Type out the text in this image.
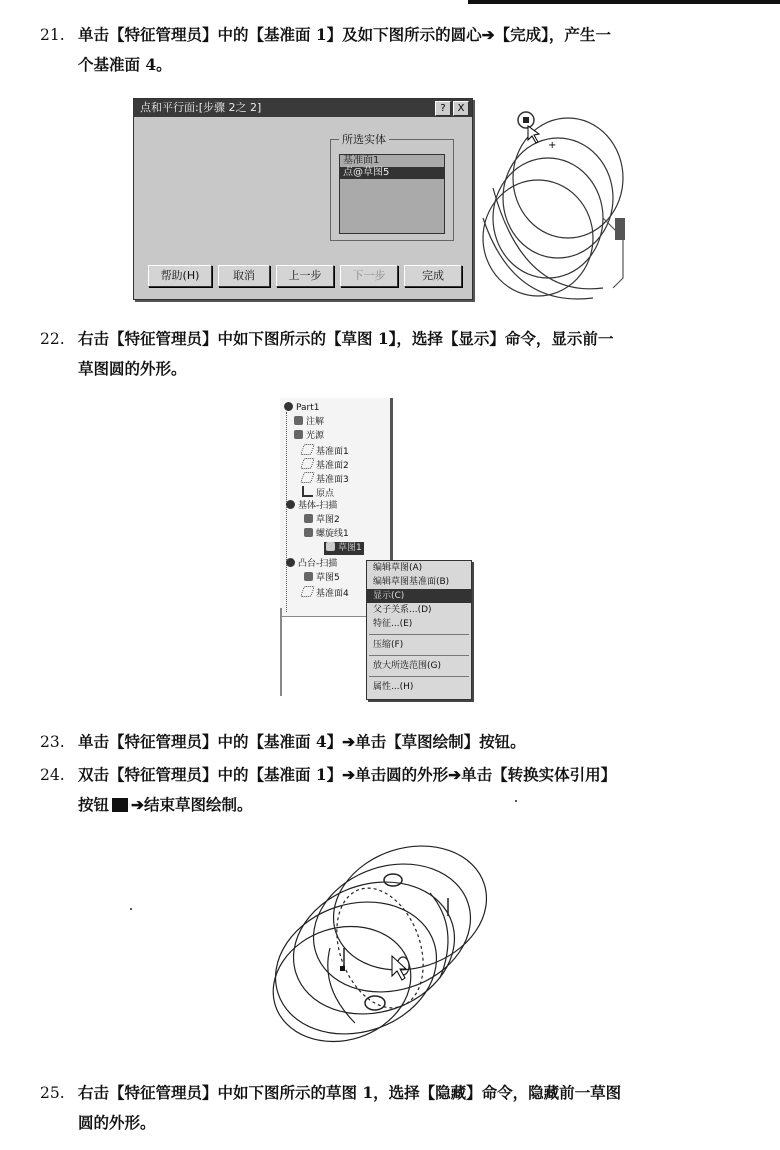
21. 单击【特征管理员】中的【基准面 1】及如下图所示的圆心➔【完成】，产生一
个基准面 4。
点和平行面:[步骤 2之 2]	?	X
所选实体
基准面1
点@草图5
帮助(H)	取消	上一步	下一步	完成
+
22. 右击【特征管理员】中如下图所示的【草图 1】，选择【显示】命令，显示前一
草图圆的外形。
Part1
注解
光源
基准面1
基准面2
基准面3
原点
基体-扫描
草图2
螺旋线1
草图1
凸台-扫描
草图5
基准面4
编辑草图(A)
编辑草图基准面(B)
显示(C)
父子关系...(D)
特征...(E)
压缩(F)
放大所选范围(G)
属性...(H)
23. 单击【特征管理员】中的【基准面 4】➔单击【草图绘制】按钮。
24. 双击【特征管理员】中的【基准面 1】➔单击圆的外形➔单击【转换实体引用】
按钮 ➔结束草图绘制。
25. 右击【特征管理员】中如下图所示的草图 1，选择【隐藏】命令，隐藏前一草图
圆的外形。
